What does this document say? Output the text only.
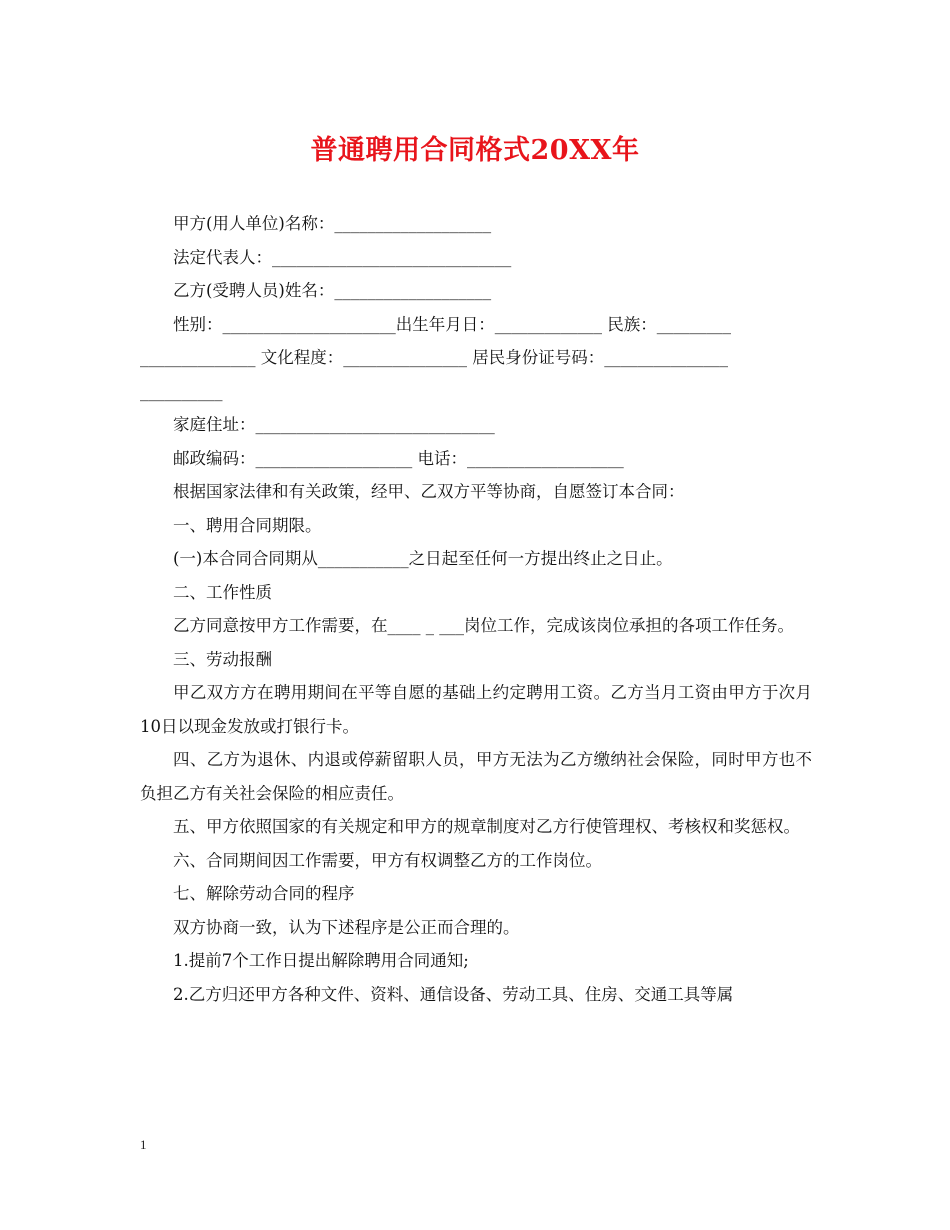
普通聘用合同格式20XX年
甲方(用人单位)名称：___________________
法定代表人：_____________________________
乙方(受聘人员)姓名：___________________
性别：_____________________出生年月日：_____________ 民族：_________
______________ 文化程度：_______________ 居民身份证号码：_______________
__________
家庭住址：_____________________________
邮政编码：___________________ 电话：___________________
根据国家法律和有关政策，经甲、乙双方平等协商，自愿签订本合同：
一、聘用合同期限。
(一)本合同合同期从___________之日起至任何一方提出终止之日止。
二、工作性质
乙方同意按甲方工作需要，在____ _ ___岗位工作，完成该岗位承担的各项工作任务。
三、劳动报酬
甲乙双方方在聘用期间在平等自愿的基础上约定聘用工资。乙方当月工资由甲方于次月10日以现金发放或打银行卡。
四、乙方为退休、内退或停薪留职人员，甲方无法为乙方缴纳社会保险，同时甲方也不负担乙方有关社会保险的相应责任。
五、甲方依照国家的有关规定和甲方的规章制度对乙方行使管理权、考核权和奖惩权。
六、合同期间因工作需要，甲方有权调整乙方的工作岗位。
七、解除劳动合同的程序
双方协商一致，认为下述程序是公正而合理的。
1.提前7个工作日提出解除聘用合同通知;
2.乙方归还甲方各种文件、资料、通信设备、劳动工具、住房、交通工具等属
1
